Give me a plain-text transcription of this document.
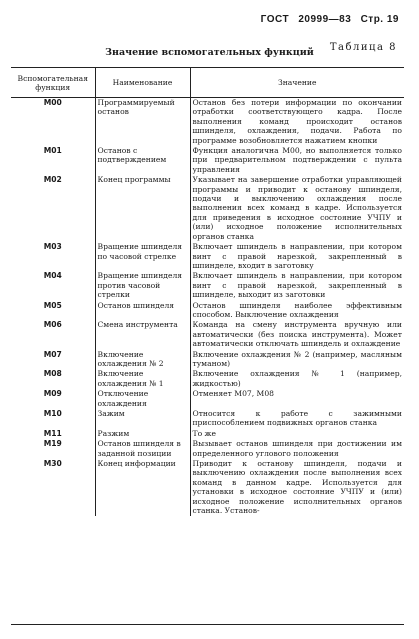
ГОСТ 20999—83 Стр. 19
Таблица 8
Значение вспомогательных функций
Вспомогательная функция	Наименование	Значение
M00	Программируемый останов	Останов без потери информации по окончании отработки соответствующего кадра. После выполнения команд происходит останов шпинделя, охлаждения, подачи. Работа по программе возобновляется нажатием кнопки
M01	Останов с подтверждением	Функция аналогична M00, но выполняется только при предварительном подтверждении с пульта управления
M02	Конец программы	Указывает на завершение отработки управляющей программы и приводит к останову шпинделя, подачи и выключению охлаждения после выполнения всех команд в кадре. Используется для приведения в исходное состояние УЧПУ и (или) исходное положение исполнительных органов станка
M03	Вращение шпинделя по часовой стрелке	Включает шпиндель в направлении, при котором винт с правой нарезкой, закрепленный в шпинделе, входит в заготовку
M04	Вращение шпинделя против часовой стрелки	Включает шпиндель в направлении, при котором винт с правой нарезкой, закрепленный в шпинделе, выходит из заготовки
M05	Останов шпинделя	Останов шпинделя наиболее эффективным способом. Выключение охлаждения
M06	Смена инструмента	Команда на смену инструмента вручную или автоматически (без поиска инструмента). Может автоматически отключать шпиндель и охлаждение
M07	Включение охлаждения № 2	Включение охлаждения № 2 (например, масляным туманом)
M08	Включение охлаждения № 1	Включение охлаждения № 1 (например, жидкостью)
M09	Отключение охлаждения	Отменяет M07, M08
M10	Зажим	Относится к работе с зажимными приспособлением подвижных органов станка
M11	Разжим	То же
M19	Останов шпинделя в заданной позиции	Вызывает останов шпинделя при достижении им определенного углового положения
M30	Конец информации	Приводит к останову шпинделя, подачи и выключению охлаждения после выполнения всех команд в данном кадре. Используется для установки в исходное состояние УЧПУ и (или) исходное положение исполнительных органов станка. Установ-
